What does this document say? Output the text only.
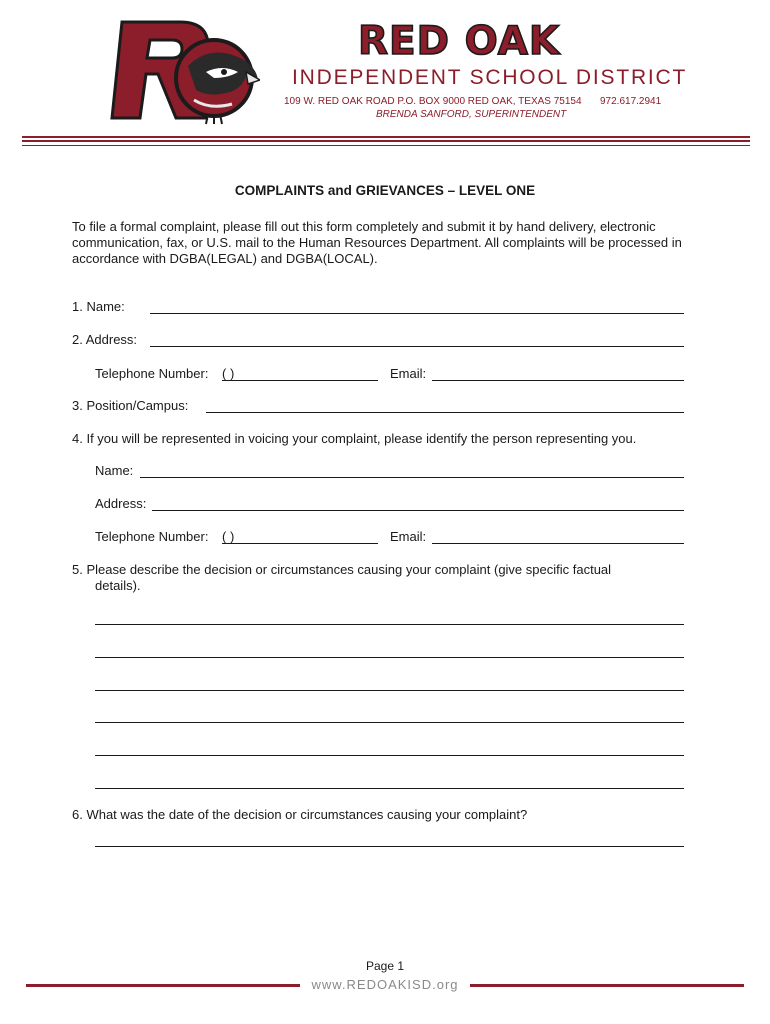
RED OAK
INDEPENDENT SCHOOL DISTRICT
109 W. RED OAK ROAD P.O. BOX 9000 RED OAK, TEXAS 75154 972.617.2941
BRENDA SANFORD, SUPERINTENDENT
COMPLAINTS and GRIEVANCES – LEVEL ONE
To file a formal complaint, please fill out this form completely and submit it by hand delivery, electronic communication, fax, or U.S. mail to the Human Resources Department. All complaints will be processed in accordance with DGBA(LEGAL) and DGBA(LOCAL).
1. Name:
2. Address:
Telephone Number: ( )	Email:
3. Position/Campus:
4. If you will be represented in voicing your complaint, please identify the person representing you.
Name:
Address:
Telephone Number: ( )	Email:
5. Please describe the decision or circumstances causing your complaint (give specific factual
details).
6. What was the date of the decision or circumstances causing your complaint?
Page 1
www.REDOAKISD.org
